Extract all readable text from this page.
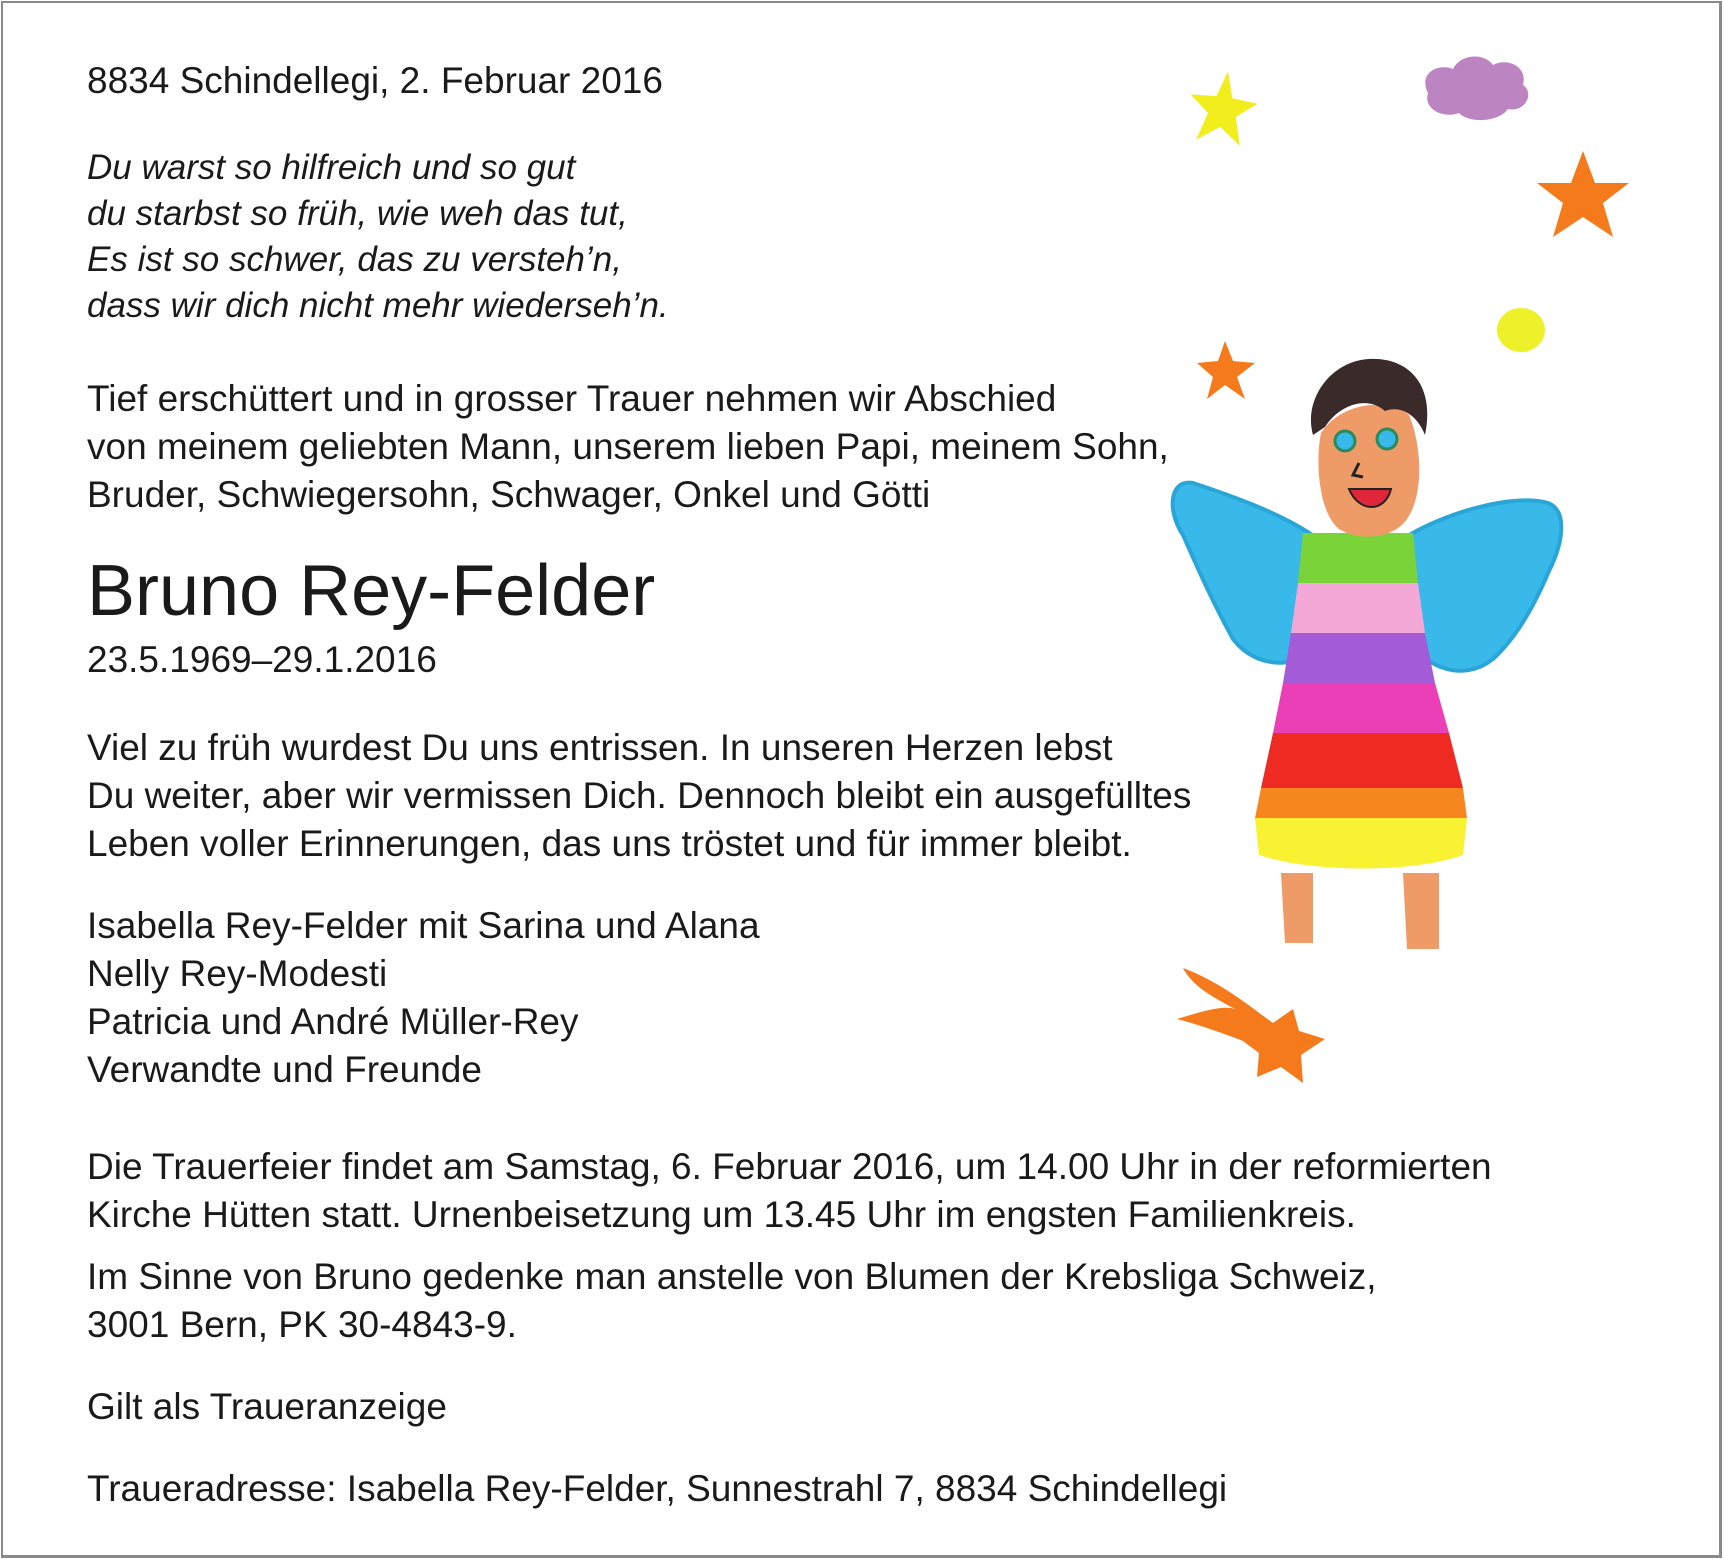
8834 Schindellegi, 2. Februar 2016

Du warst so hilfreich und so gut

du starbst so früh, wie weh das tut,

Es ist so schwer, das zu versteh’n,

dass wir dich nicht mehr wiederseh’n.

Tief erschüttert und in grosser Trauer nehmen wir Abschied

von meinem geliebten Mann, unserem lieben Papi, meinem Sohn,

Bruder, Schwiegersohn, Schwager, Onkel und Götti

Bruno Rey-Felder

23.5.1969–29.1.2016

Viel zu früh wurdest Du uns entrissen. In unseren Herzen lebst

Du weiter, aber wir vermissen Dich. Dennoch bleibt ein ausgefülltes

Leben voller Erinnerungen, das uns tröstet und für immer bleibt.

Isabella Rey-Felder mit Sarina und Alana

Nelly Rey-Modesti

Patricia und André Müller-Rey

Verwandte und Freunde

Die Trauerfeier findet am Samstag, 6. Februar 2016, um 14.00 Uhr in der reformierten

Kirche Hütten statt. Urnenbeisetzung um 13.45 Uhr im engsten Familienkreis.

Im Sinne von Bruno gedenke man anstelle von Blumen der Krebsliga Schweiz,

3001 Bern, PK 30-4843-9.

Gilt als Traueranzeige

Traueradresse: Isabella Rey-Felder, Sunnestrahl 7, 8834 Schindellegi
